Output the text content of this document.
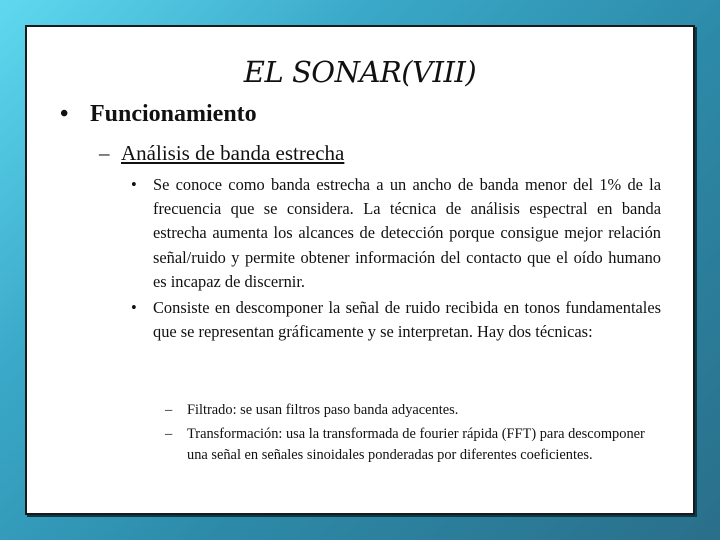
EL SONAR(VIII)
• Funcionamiento
– Análisis de banda estrecha
• Se conoce como banda estrecha a un ancho de banda menor del 1% de la frecuencia que se considera. La técnica de análisis espectral en banda estrecha aumenta los alcances de detección porque consigue mejor relación señal/ruido y permite obtener información del contacto que el oído humano es incapaz de discernir.
• Consiste en descomponer la señal de ruido recibida en tonos fundamentales que se representan gráficamente y se interpretan. Hay dos técnicas:
– Filtrado: se usan filtros paso banda adyacentes.
– Transformación: usa la transformada de fourier rápida (FFT) para descomponer una señal en señales sinoidales ponderadas por diferentes coeficientes.
